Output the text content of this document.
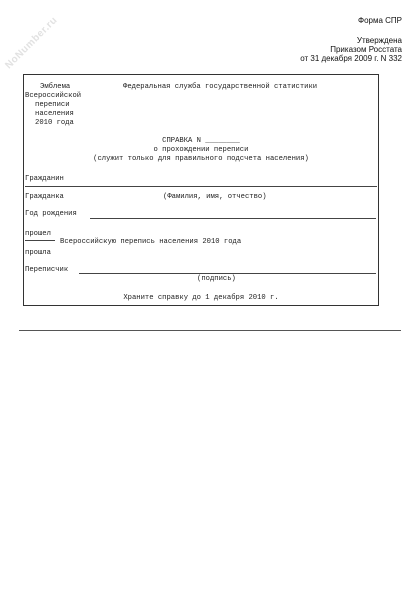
NoNumber.ru	Форма СПР
Утверждена
Приказом Росстата
от 31 декабря 2009 г. N 332
Эмблема
Всероссийской
переписи
населения
2010 года
Федеральная служба государственной статистики
СПРАВКА N ________
о прохождении переписи
(служит только для правильного подсчета населения)
Гражданин
Гражданка	(Фамилия, имя, отчество)
Год рождения
прошел
Всероссийскую перепись населения 2010 года
прошла
Переписчик
(подпись)
Храните справку до 1 декабря 2010 г.
